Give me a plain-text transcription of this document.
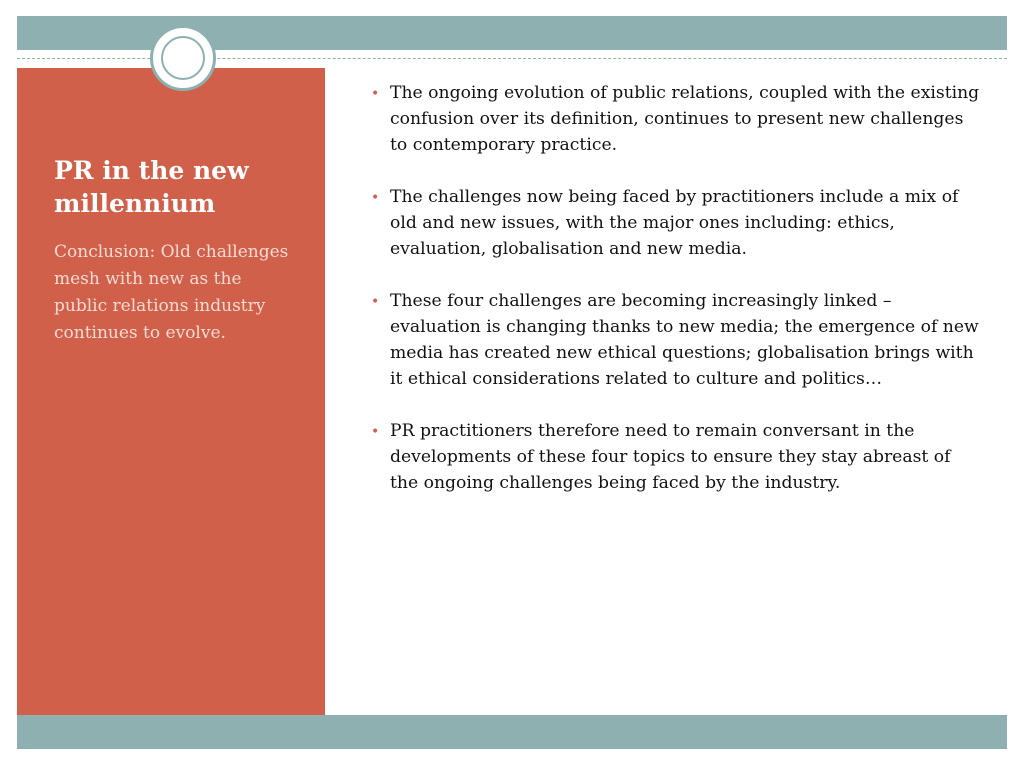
PR in the new millennium

Conclusion: Old challenges mesh with new as the public relations industry continues to evolve.

• The ongoing evolution of public relations, coupled with the existing confusion over its definition, continues to present new challenges to contemporary practice.
• The challenges now being faced by practitioners include a mix of old and new issues, with the major ones including: ethics, evaluation, globalisation and new media.
• These four challenges are becoming increasingly linked – evaluation is changing thanks to new media; the emergence of new media has created new ethical questions; globalisation brings with it ethical considerations related to culture and politics…
• PR practitioners therefore need to remain conversant in the developments of these four topics to ensure they stay abreast of the ongoing challenges being faced by the industry.
